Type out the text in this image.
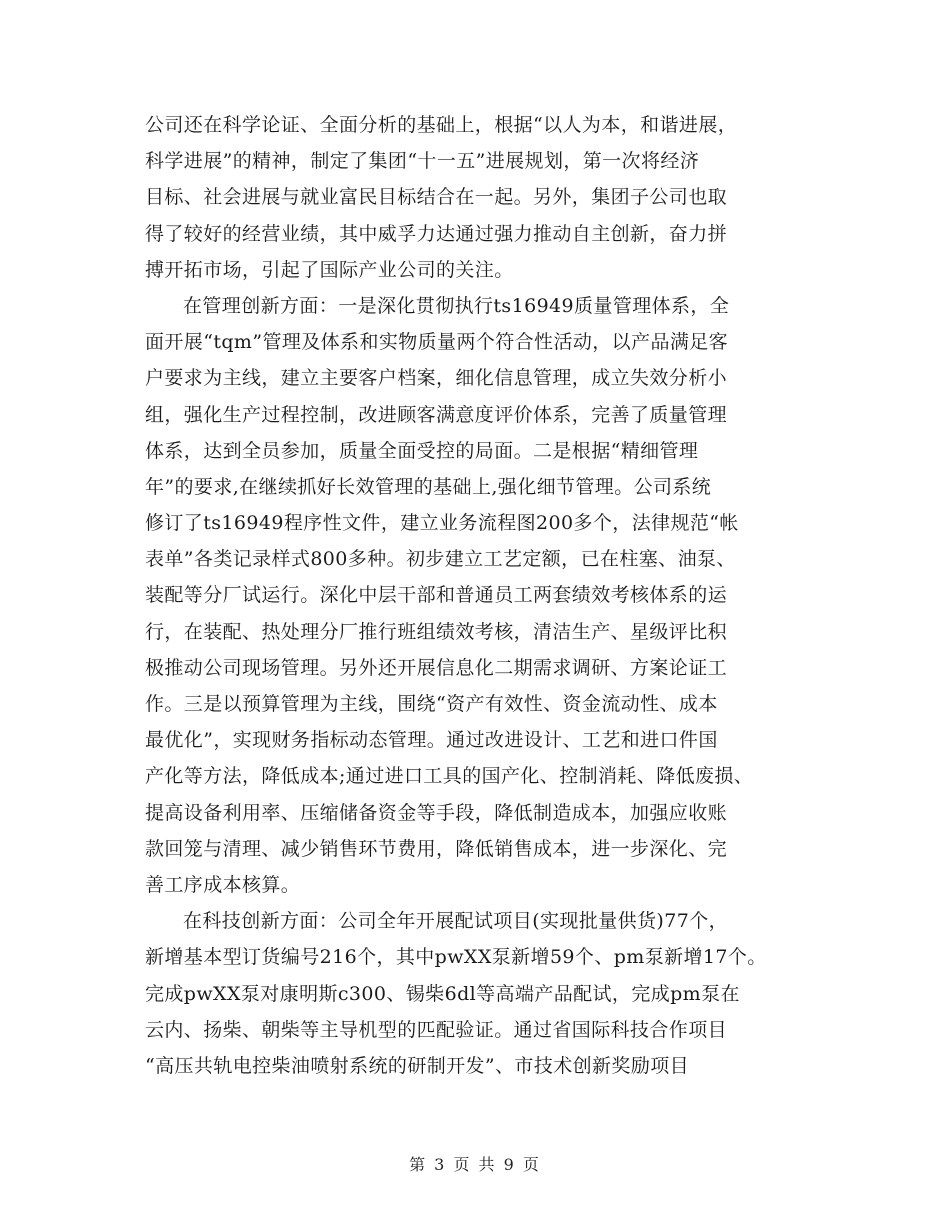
公司还在科学论证、全面分析的基础上，根据“以人为本，和谐进展，
科学进展”的精神，制定了集团“十一五”进展规划，第一次将经济
目标、社会进展与就业富民目标结合在一起。另外，集团子公司也取
得了较好的经营业绩，其中威孚力达通过强力推动自主创新，奋力拼
搏开拓市场，引起了国际产业公司的关注。
在管理创新方面：一是深化贯彻执行ts16949质量管理体系，全
面开展“tqm”管理及体系和实物质量两个符合性活动，以产品满足客
户要求为主线，建立主要客户档案，细化信息管理，成立失效分析小
组，强化生产过程控制，改进顾客满意度评价体系，完善了质量管理
体系，达到全员参加，质量全面受控的局面。二是根据“精细管理
年”的要求,在继续抓好长效管理的基础上,强化细节管理。公司系统
修订了ts16949程序性文件，建立业务流程图200多个，法律规范“帐
表单”各类记录样式800多种。初步建立工艺定额，已在柱塞、油泵、
装配等分厂试运行。深化中层干部和普通员工两套绩效考核体系的运
行，在装配、热处理分厂推行班组绩效考核，清洁生产、星级评比积
极推动公司现场管理。另外还开展信息化二期需求调研、方案论证工
作。三是以预算管理为主线，围绕“资产有效性、资金流动性、成本
最优化”，实现财务指标动态管理。通过改进设计、工艺和进口件国
产化等方法，降低成本;通过进口工具的国产化、控制消耗、降低废损、
提高设备利用率、压缩储备资金等手段，降低制造成本，加强应收账
款回笼与清理、减少销售环节费用，降低销售成本，进一步深化、完
善工序成本核算。
在科技创新方面：公司全年开展配试项目(实现批量供货)77个，
新增基本型订货编号216个，其中pwXX泵新增59个、pm泵新增17个。
完成pwXX泵对康明斯c300、锡柴6dl等高端产品配试，完成pm泵在
云内、扬柴、朝柴等主导机型的匹配验证。通过省国际科技合作项目
“高压共轨电控柴油喷射系统的研制开发”、市技术创新奖励项目
第 3 页 共 9 页
